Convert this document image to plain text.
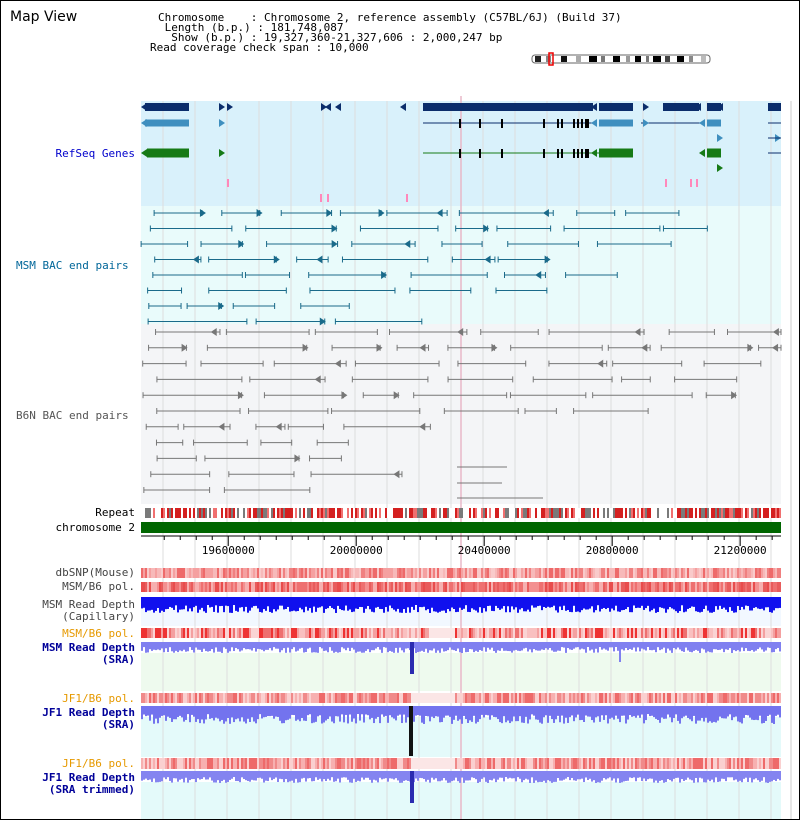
Map View	Chromosome    : Chromosome 2, reference assembly (C57BL/6J) (Build 37)
Length (b.p.) : 181,748,087
Show (b.p.) : 19,327,360-21,327,606 : 2,000,247 bp
Read coverage check span : 10,000
19600000	20000000	20400000	20800000	21200000
RefSeq Genes
MSM BAC end pairs
B6N BAC end pairs
Repeat
chromosome 2
dbSNP(Mouse)
MSM/B6 pol.
MSM Read Depth
(Capillary)
MSM/B6 pol.
MSM Read Depth
(SRA)
JF1/B6 pol.
JF1 Read Depth
(SRA)
JF1/B6 pol.
JF1 Read Depth
(SRA trimmed)
